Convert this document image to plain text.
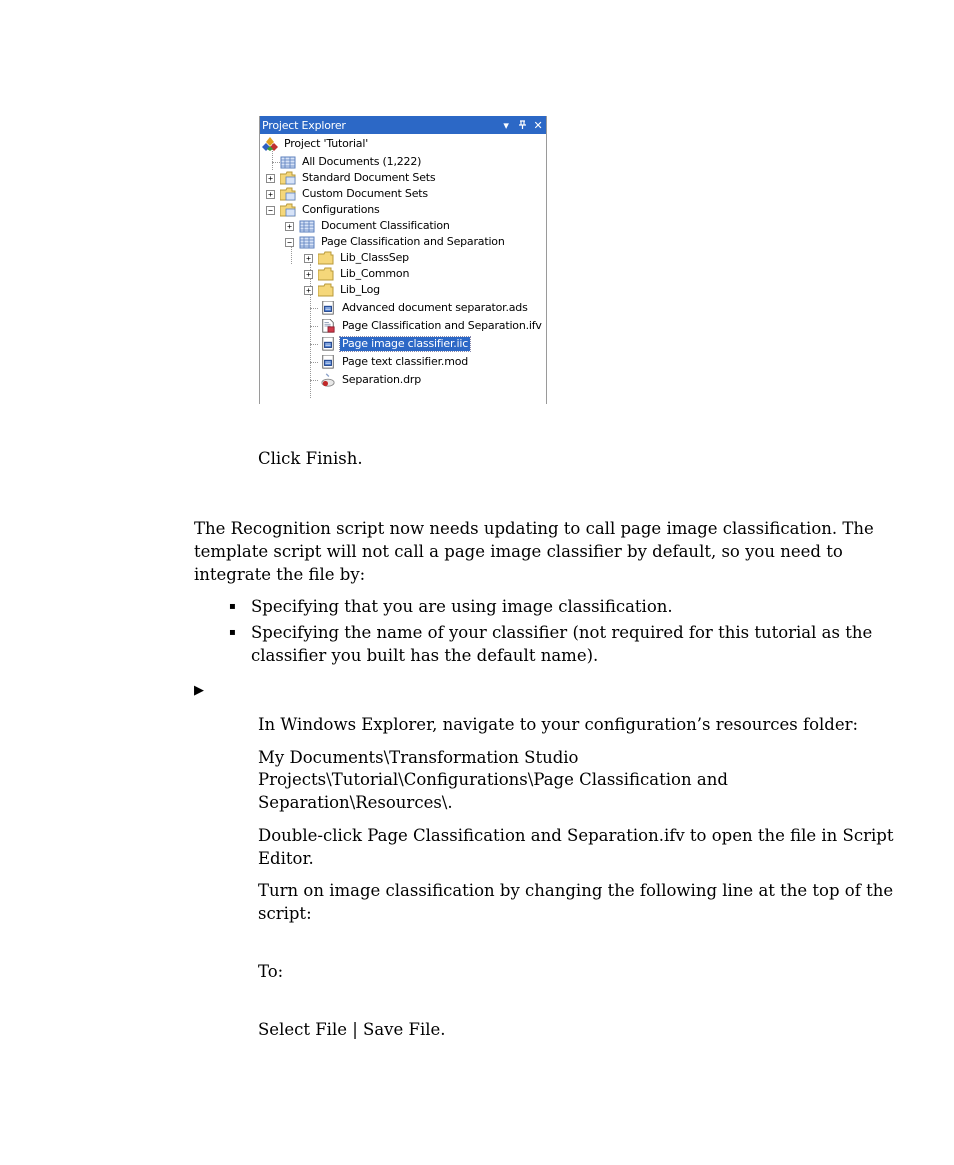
Project Explorer	▾	✕
Project 'Tutorial'
All Documents (1,222)
+	Standard Document Sets
+	Custom Document Sets
−	Configurations
+	Document Classification
−	Page Classification and Separation
+	Lib_ClassSep
+	Lib_Common
+	Lib_Log
Advanced document separator.ads
Page Classification and Separation.ifv
Page image classifier.iic
Page text classifier.mod
Separation.drp
Click Finish.
The Recognition script now needs updating to call page image classification. The
template script will not call a page image classifier by default, so you need to
integrate the file by:
▪ Specifying that you are using image classification.
▪ Specifying the name of your classifier (not required for this tutorial as the
classifier you built has the default name).
▶
In Windows Explorer, navigate to your configuration’s resources folder:
My Documents\Transformation Studio
Projects\Tutorial\Configurations\Page Classification and
Separation\Resources\.
Double-click Page Classification and Separation.ifv to open the file in Script
Editor.
Turn on image classification by changing the following line at the top of the
script:
To:
Select File | Save File.
